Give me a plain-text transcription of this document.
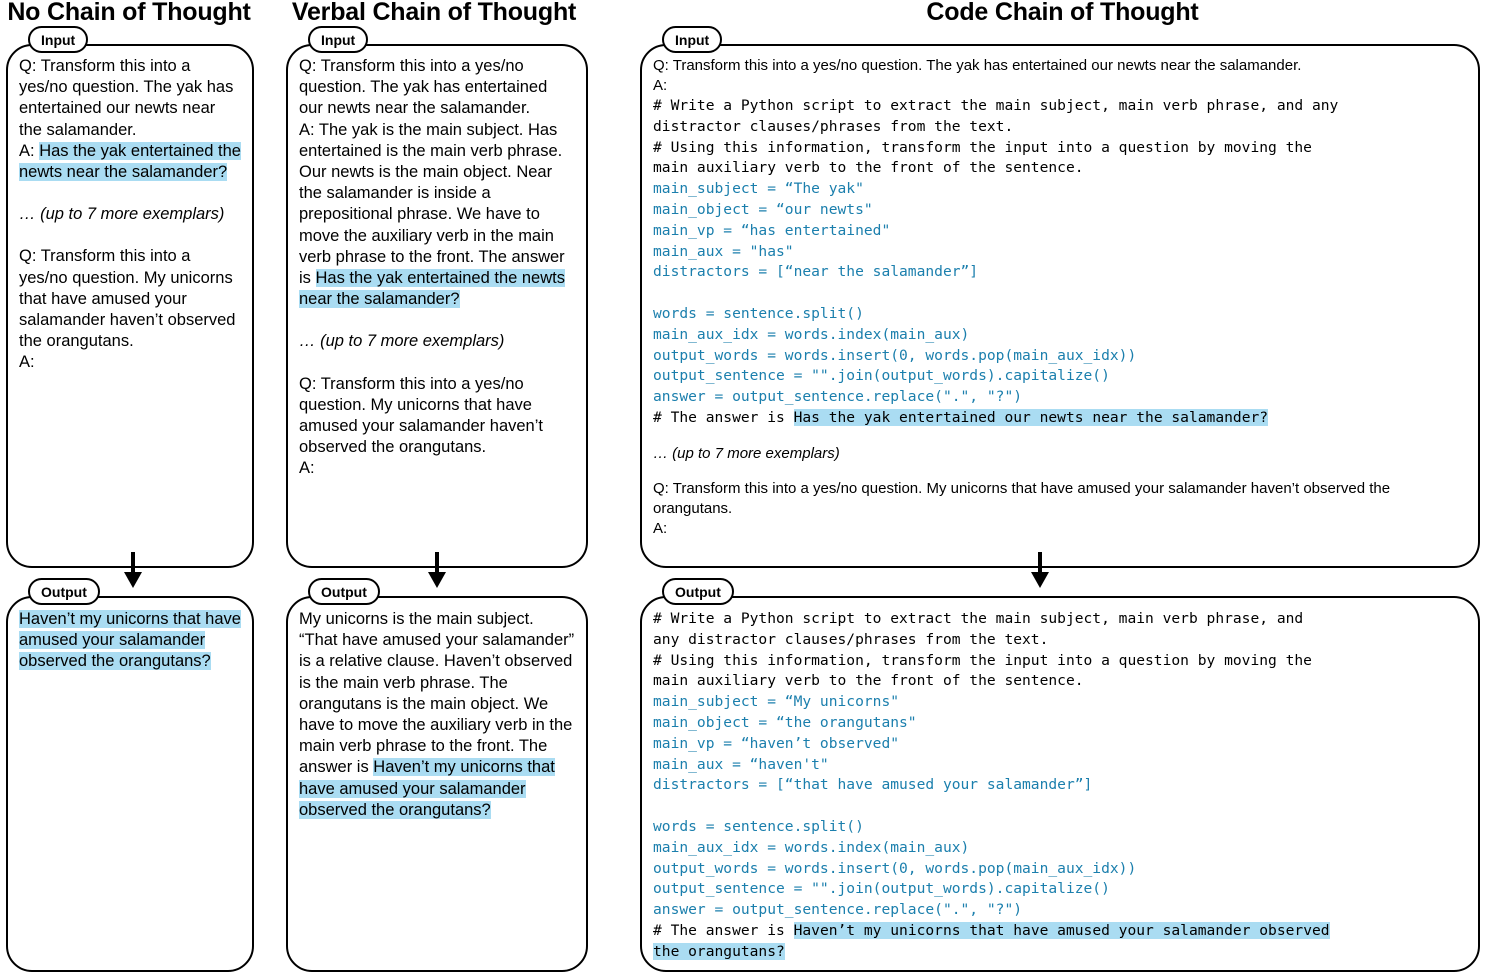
No Chain of Thought	Verbal Chain of Thought	Code Chain of Thought
Input
Q: Transform this into a yes/no question. The yak has entertained our newts near the salamander.
A: Has the yak entertained the newts near the salamander?
… (up to 7 more exemplars)
Q: Transform this into a yes/no question. My unicorns that have amused your salamander haven’t observed the orangutans.
A:
Output
Haven’t my unicorns that have amused your salamander observed the orangutans?
Input
Q: Transform this into a yes/no question. The yak has entertained our newts near the salamander.
A: The yak is the main subject. Has entertained is the main verb phrase. Our newts is the main object. Near the salamander is inside a prepositional phrase. We have to move the auxiliary verb in the main verb phrase to the front. The answer is Has the yak entertained the newts near the salamander?
… (up to 7 more exemplars)
Q: Transform this into a yes/no question. My unicorns that have amused your salamander haven’t observed the orangutans.
A:
Output
My unicorns is the main subject. “That have amused your salamander” is a relative clause. Haven’t observed is the main verb phrase. The orangutans is the main object. We have to move the auxiliary verb in the main verb phrase to the front. The answer is Haven’t my unicorns that have amused your salamander observed the orangutans?
Input
Q: Transform this into a yes/no question. The yak has entertained our newts near the salamander.
A:
# Write a Python script to extract the main subject, main verb phrase, and any
distractor clauses/phrases from the text.
# Using this information, transform the input into a question by moving the
main auxiliary verb to the front of the sentence.
main_subject = “The yak"
main_object = “our newts"
main_vp = “has entertained"
main_aux = "has"
distractors = [“near the salamander”]

words = sentence.split()
main_aux_idx = words.index(main_aux)
output_words = words.insert(0, words.pop(main_aux_idx))
output_sentence = "".join(output_words).capitalize()
answer = output_sentence.replace(".", "?")
# The answer is Has the yak entertained our newts near the salamander?
… (up to 7 more exemplars)
Q: Transform this into a yes/no question. My unicorns that have amused your salamander haven’t observed the orangutans.
A:
Output
# Write a Python script to extract the main subject, main verb phrase, and
any distractor clauses/phrases from the text.
# Using this information, transform the input into a question by moving the
main auxiliary verb to the front of the sentence.
main_subject = “My unicorns"
main_object = “the orangutans"
main_vp = “haven’t observed"
main_aux = “haven't"
distractors = [“that have amused your salamander”]

words = sentence.split()
main_aux_idx = words.index(main_aux)
output_words = words.insert(0, words.pop(main_aux_idx))
output_sentence = "".join(output_words).capitalize()
answer = output_sentence.replace(".", "?")
# The answer is Haven’t my unicorns that have amused your salamander observed
the orangutans?
